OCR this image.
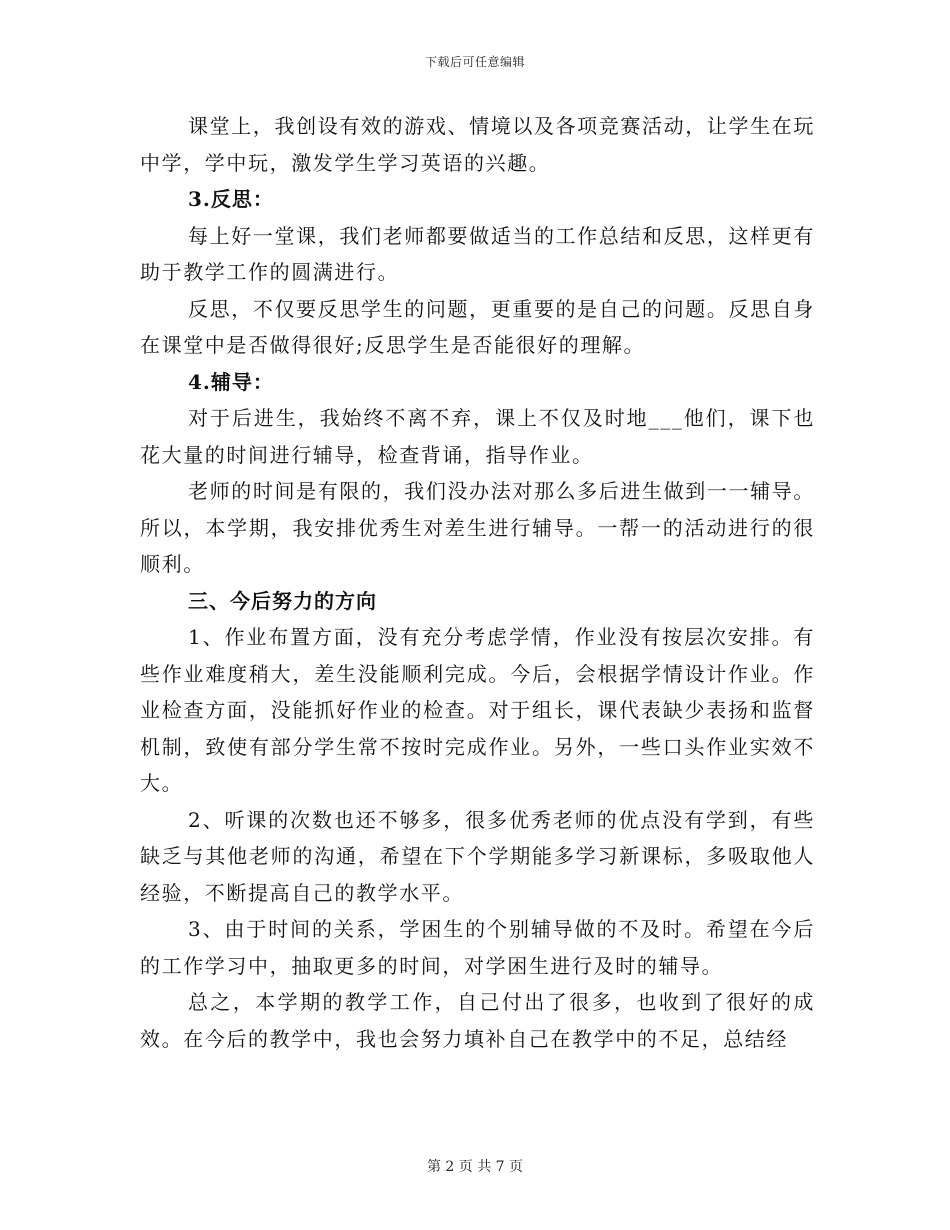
下载后可任意编辑

课堂上，我创设有效的游戏、情境以及各项竞赛活动，让学生在玩中学，学中玩，激发学生学习英语的兴趣。

3.反思：

每上好一堂课，我们老师都要做适当的工作总结和反思，这样更有助于教学工作的圆满进行。

反思，不仅要反思学生的问题，更重要的是自己的问题。反思自身在课堂中是否做得很好;反思学生是否能很好的理解。

4.辅导：

对于后进生，我始终不离不弃，课上不仅及时地___他们，课下也花大量的时间进行辅导，检查背诵，指导作业。

老师的时间是有限的，我们没办法对那么多后进生做到一一辅导。所以，本学期，我安排优秀生对差生进行辅导。一帮一的活动进行的很顺利。

三、今后努力的方向

1、作业布置方面，没有充分考虑学情，作业没有按层次安排。有些作业难度稍大，差生没能顺利完成。今后，会根据学情设计作业。作业检查方面，没能抓好作业的检查。对于组长，课代表缺少表扬和监督机制，致使有部分学生常不按时完成作业。另外，一些口头作业实效不大。

2、听课的次数也还不够多，很多优秀老师的优点没有学到，有些缺乏与其他老师的沟通，希望在下个学期能多学习新课标，多吸取他人经验，不断提高自己的教学水平。

3、由于时间的关系，学困生的个别辅导做的不及时。希望在今后的工作学习中，抽取更多的时间，对学困生进行及时的辅导。

总之，本学期的教学工作，自己付出了很多，也收到了很好的成效。在今后的教学中，我也会努力填补自己在教学中的不足，总结经

第 2 页 共 7 页
